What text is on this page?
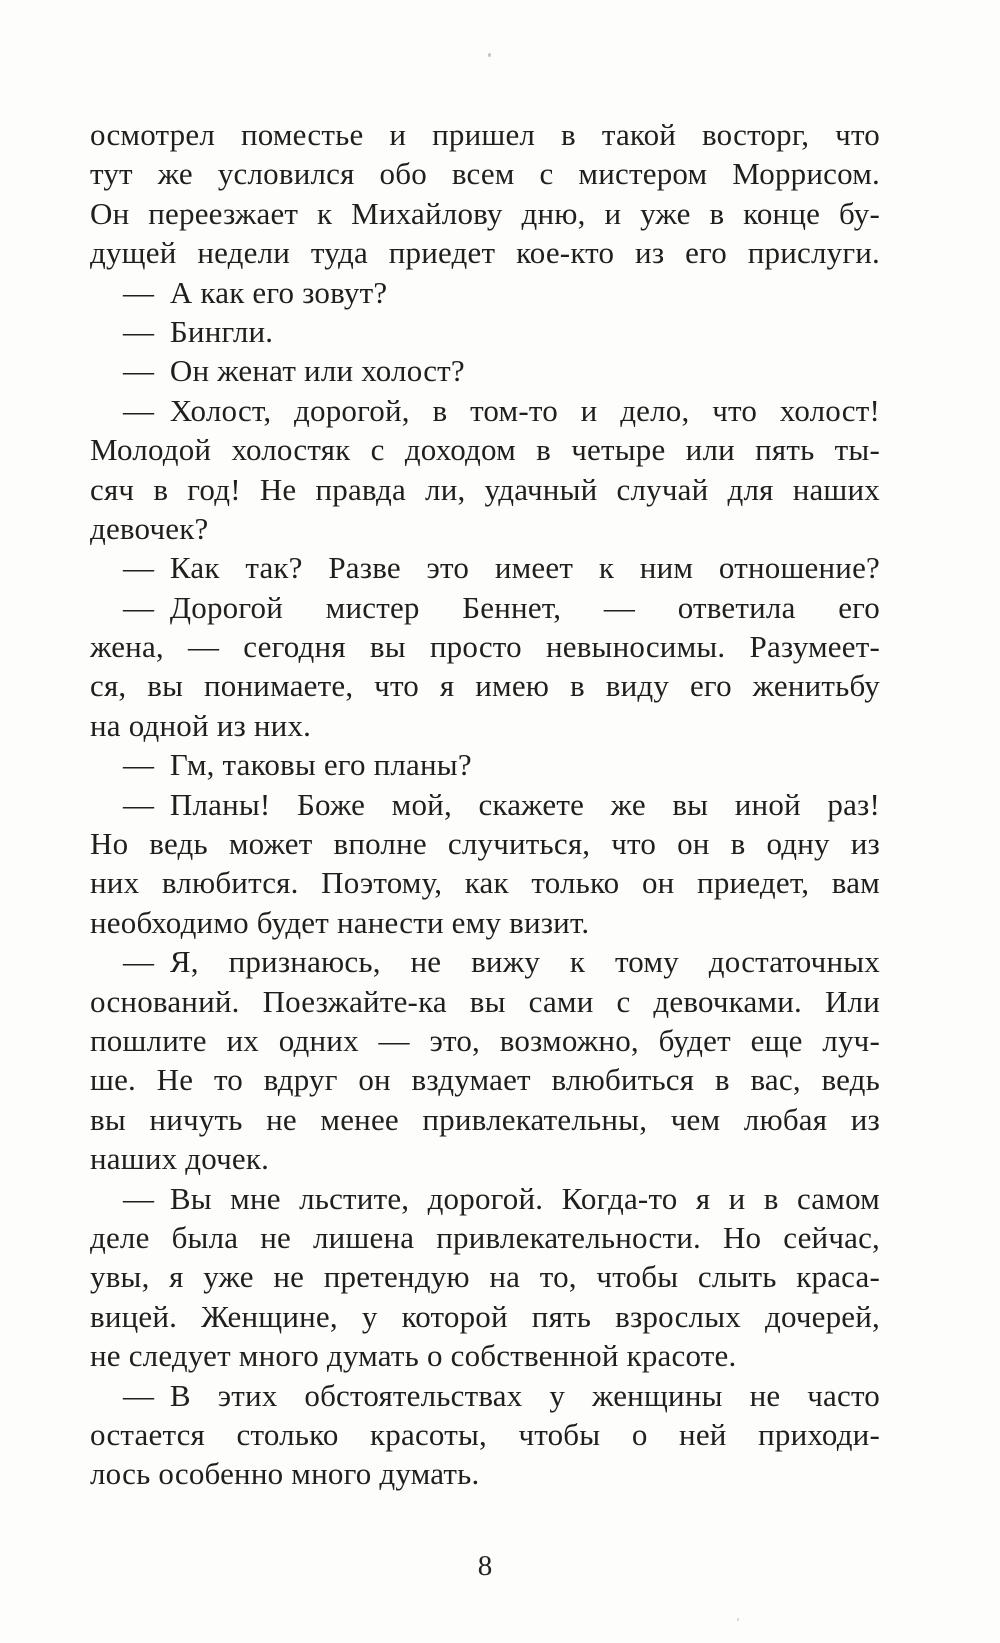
осмотрел поместье и пришел в такой восторг, что
тут же условился обо всем с мистером Моррисом.
Он переезжает к Михайлову дню, и уже в конце бу-
дущей недели туда приедет кое-кто из его прислуги.
— А как его зовут?
— Бингли.
— Он женат или холост?
— Холост, дорогой, в том-то и дело, что холост!
Молодой холостяк с доходом в четыре или пять ты-
сяч в год! Не правда ли, удачный случай для наших
девочек?
— Как так? Разве это имеет к ним отношение?
— Дорогой мистер Беннет, — ответила его
жена, — сегодня вы просто невыносимы. Разумеет-
ся, вы понимаете, что я имею в виду его женитьбу
на одной из них.
— Гм, таковы его планы?
— Планы! Боже мой, скажете же вы иной раз!
Но ведь может вполне случиться, что он в одну из
них влюбится. Поэтому, как только он приедет, вам
необходимо будет нанести ему визит.
— Я, признаюсь, не вижу к тому достаточных
оснований. Поезжайте-ка вы сами с девочками. Или
пошлите их одних — это, возможно, будет еще луч-
ше. Не то вдруг он вздумает влюбиться в вас, ведь
вы ничуть не менее привлекательны, чем любая из
наших дочек.
— Вы мне льстите, дорогой. Когда-то я и в самом
деле была не лишена привлекательности. Но сейчас,
увы, я уже не претендую на то, чтобы слыть краса-
вицей. Женщине, у которой пять взрослых дочерей,
не следует много думать о собственной красоте.
— В этих обстоятельствах у женщины не часто
остается столько красоты, чтобы о ней приходи-
лось особенно много думать.
8
